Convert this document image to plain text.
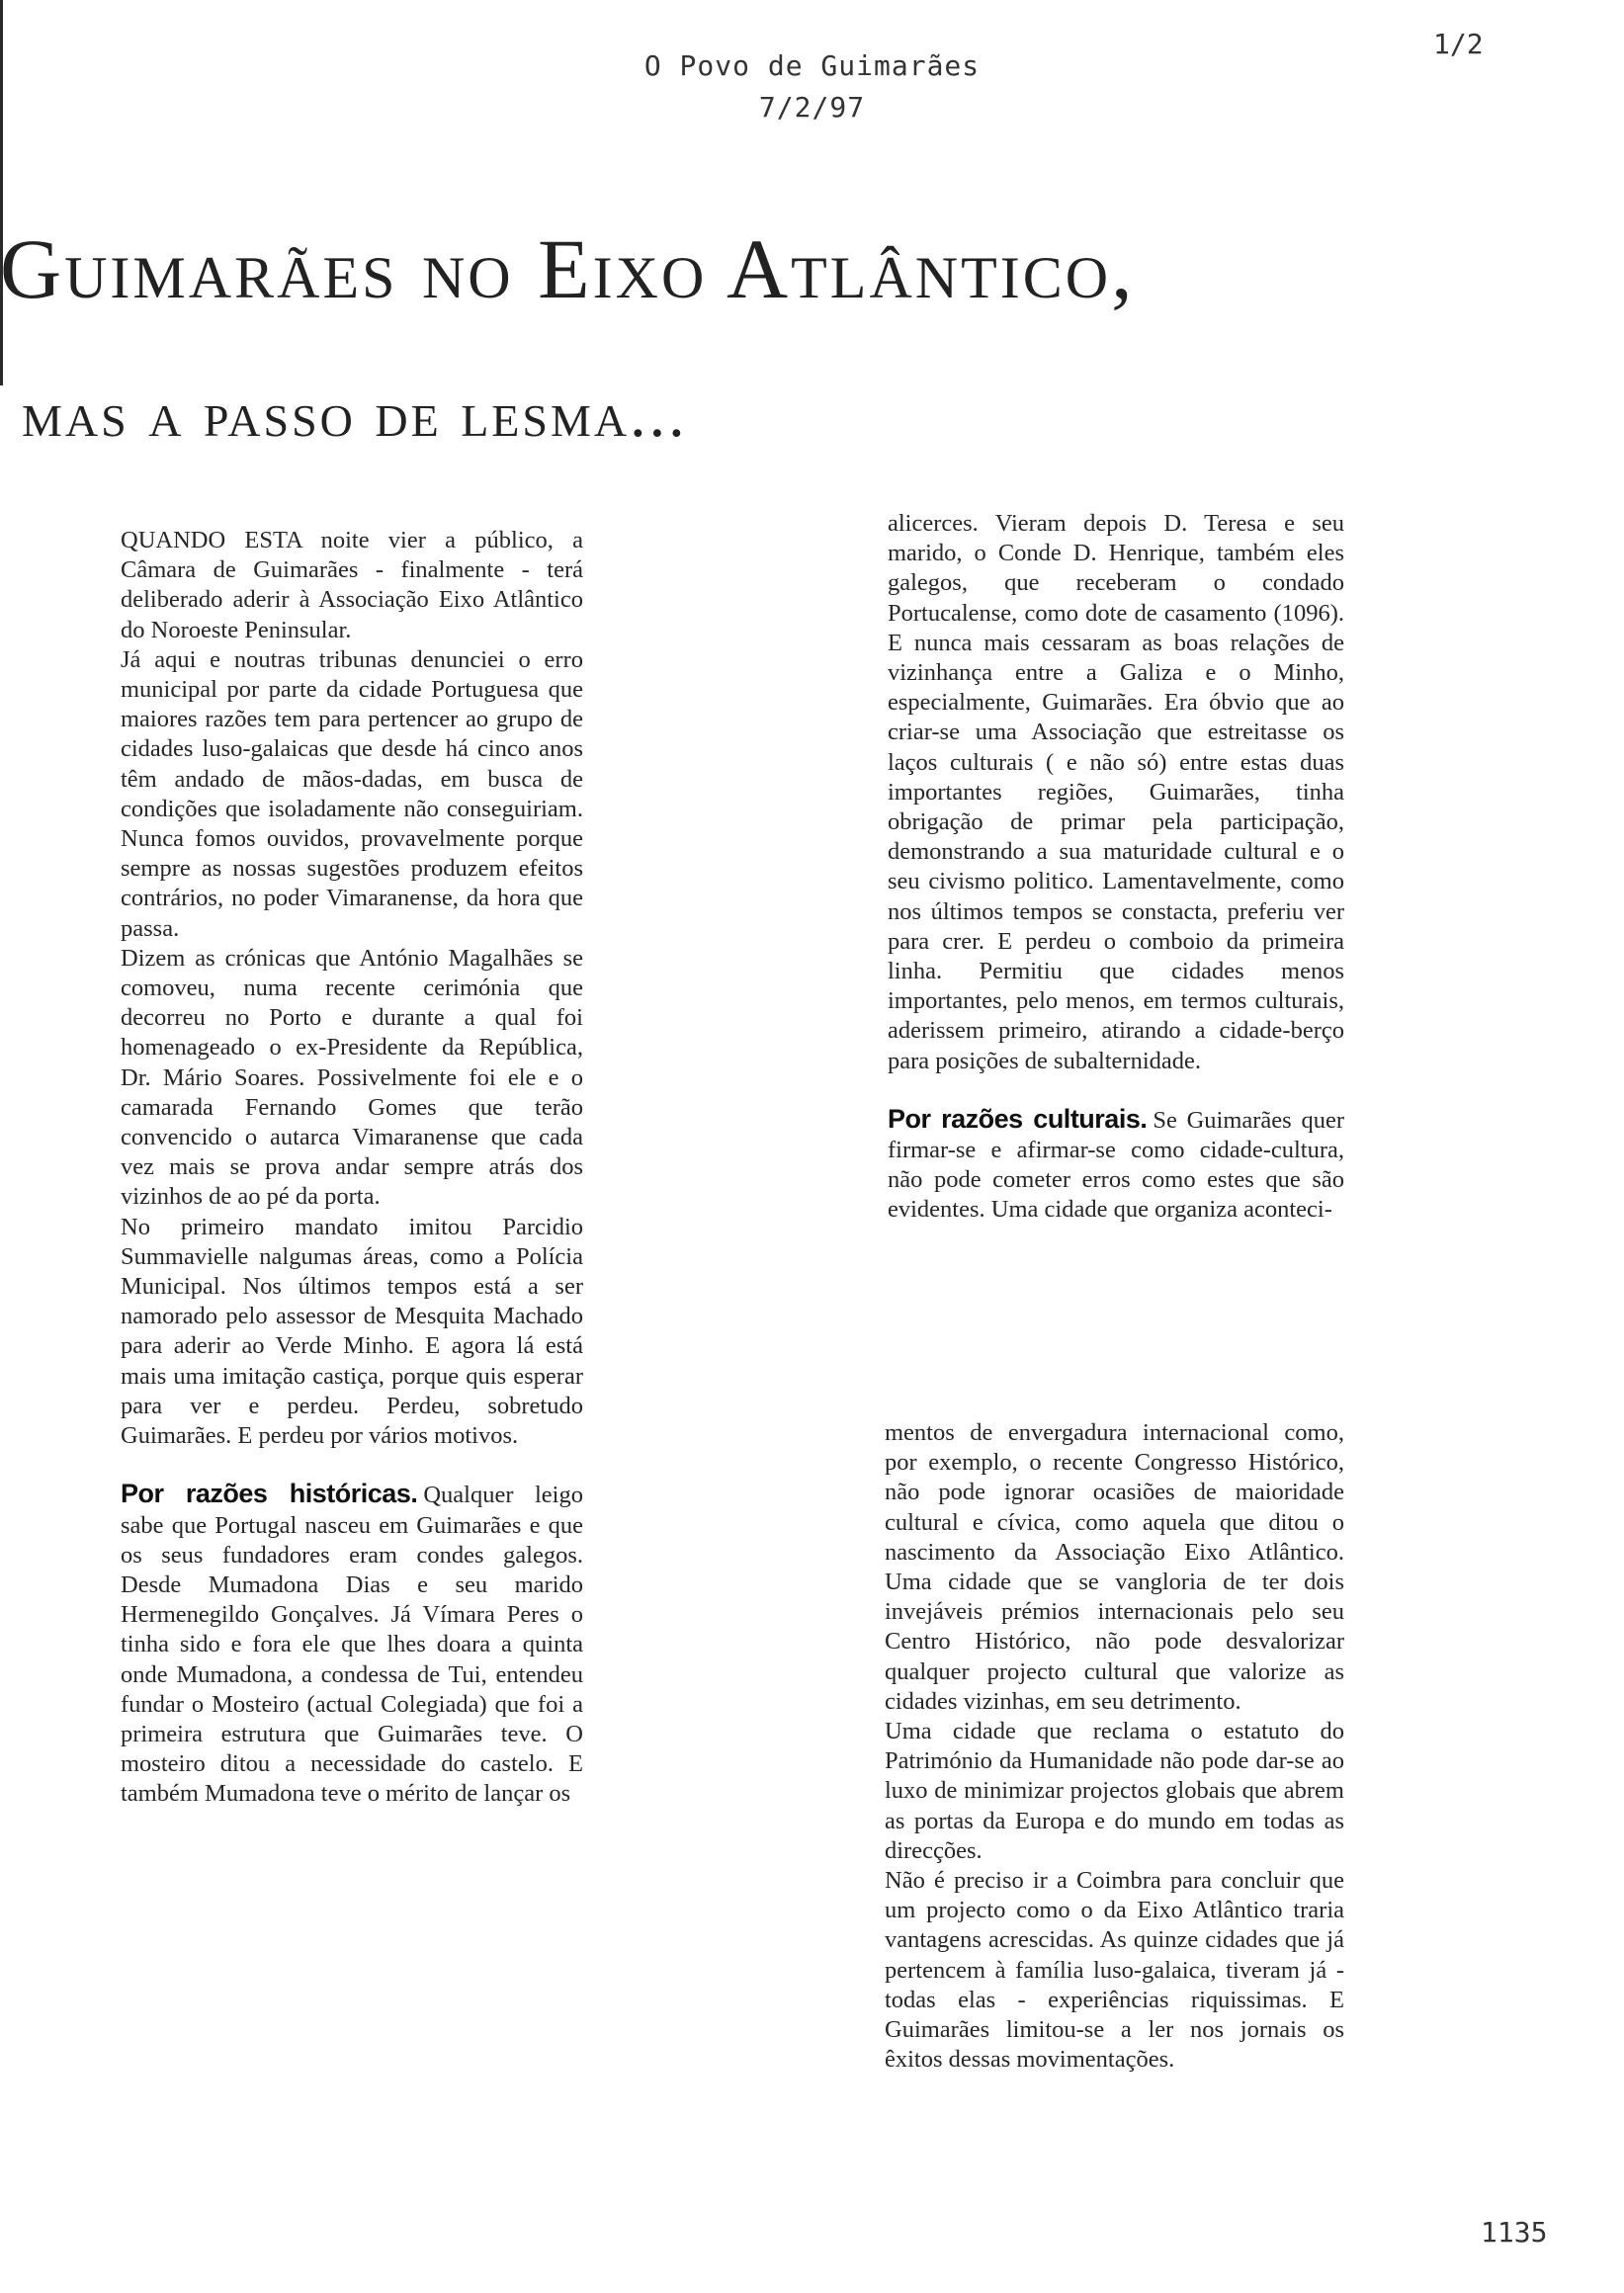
O Povo de Guimarães
7/2/97
1/2
Guimarães no Eixo Atlântico,
mas a passo de lesma...

QUANDO ESTA noite vier a público, a Câmara de Guimarães - finalmente - terá deliberado aderir à Associação Eixo Atlântico do Noroeste Peninsular.

Já aqui e noutras tribunas denunciei o erro municipal por parte da cidade Portuguesa que maiores razões tem para pertencer ao grupo de cidades luso-galaicas que desde há cinco anos têm andado de mãos-dadas, em busca de condições que isoladamente não conseguiriam. Nunca fomos ouvidos, provavelmente porque sempre as nossas sugestões produzem efeitos contrários, no poder Vimaranense, da hora que passa.

Dizem as crónicas que António Magalhães se comoveu, numa recente cerimónia que decorreu no Porto e durante a qual foi homenageado o ex-Presidente da República, Dr. Mário Soares. Possivelmente foi ele e o camarada Fernando Gomes que terão convencido o autarca Vimaranense que cada vez mais se prova andar sempre atrás dos vizinhos de ao pé da porta.

No primeiro mandato imitou Parcidio Summavielle nalgumas áreas, como a Polícia Municipal. Nos últimos tempos está a ser namorado pelo assessor de Mesquita Machado para aderir ao Verde Minho. E agora lá está mais uma imitação castiça, porque quis esperar para ver e perdeu. Perdeu, sobretudo Guimarães. E perdeu por vários motivos.

Por razões históricas. Qualquer leigo sabe que Portugal nasceu em Guimarães e que os seus fundadores eram condes galegos. Desde Mumadona Dias e seu marido Hermenegildo Gonçalves. Já Vímara Peres o tinha sido e fora ele que lhes doara a quinta onde Mumadona, a condessa de Tui, entendeu fundar o Mosteiro (actual Colegiada) que foi a primeira estrutura que Guimarães teve. O mosteiro ditou a necessidade do castelo. E também Mumadona teve o mérito de lançar os

alicerces. Vieram depois D. Teresa e seu marido, o Conde D. Henrique, também eles galegos, que receberam o condado Portucalense, como dote de casamento (1096). E nunca mais cessaram as boas relações de vizinhança entre a Galiza e o Minho, especialmente, Guimarães. Era óbvio que ao criar-se uma Associação que estreitasse os laços culturais ( e não só) entre estas duas importantes regiões, Guimarães, tinha obrigação de primar pela participação, demonstrando a sua maturidade cultural e o seu civismo politico. Lamentavelmente, como nos últimos tempos se constacta, preferiu ver para crer. E perdeu o comboio da primeira linha. Permitiu que cidades menos importantes, pelo menos, em termos culturais, aderissem primeiro, atirando a cidade-berço para posições de subalternidade.

Por razões culturais. Se Guimarães quer firmar-se e afirmar-se como cidade-cultura, não pode cometer erros como estes que são evidentes. Uma cidade que organiza aconteci-

mentos de envergadura internacional como, por exemplo, o recente Congresso Histórico, não pode ignorar ocasiões de maioridade cultural e cívica, como aquela que ditou o nascimento da Associação Eixo Atlântico. Uma cidade que se vangloria de ter dois invejáveis prémios internacionais pelo seu Centro Histórico, não pode desvalorizar qualquer projecto cultural que valorize as cidades vizinhas, em seu detrimento.

Uma cidade que reclama o estatuto do Património da Humanidade não pode dar-se ao luxo de minimizar projectos globais que abrem as portas da Europa e do mundo em todas as direcções.

Não é preciso ir a Coimbra para concluir que um projecto como o da Eixo Atlântico traria vantagens acrescidas. As quinze cidades que já pertencem à família luso-galaica, tiveram já - todas elas - experiências riquissimas. E Guimarães limitou-se a ler nos jornais os êxitos dessas movimentações.

1135
